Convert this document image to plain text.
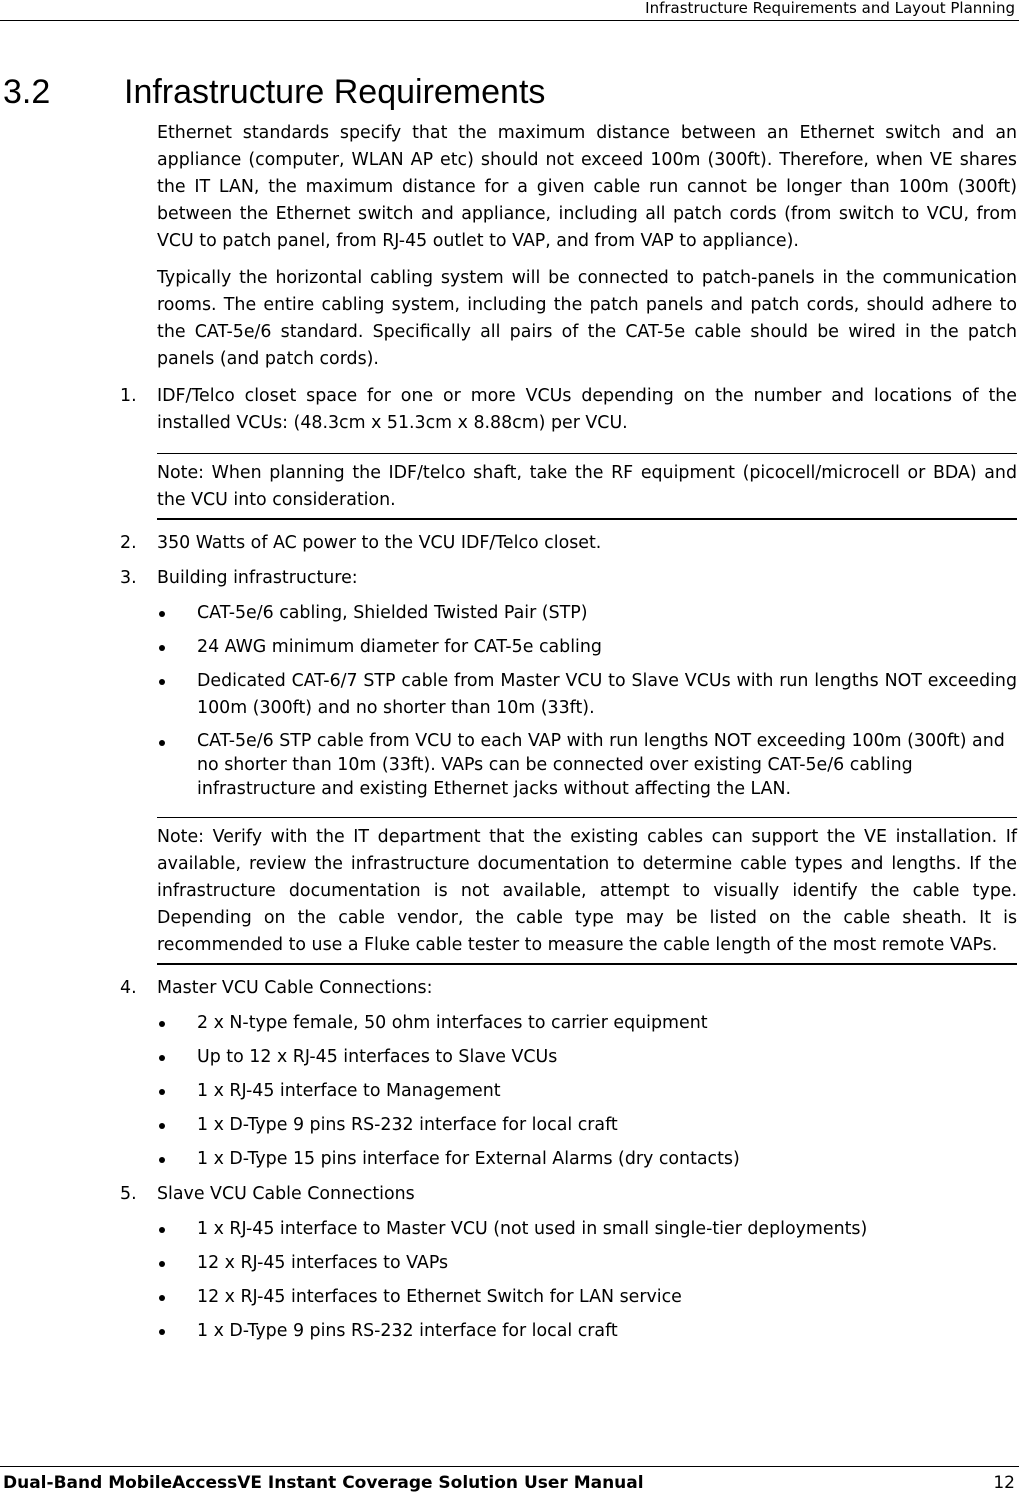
Infrastructure Requirements and Layout Planning
3.2 Infrastructure Requirements

Ethernet standards specify that the maximum distance between an Ethernet switch and an appliance (computer, WLAN AP etc) should not exceed 100m (300ft). Therefore, when VE shares the IT LAN, the maximum distance for a given cable run cannot be longer than 100m (300ft) between the Ethernet switch and appliance, including all patch cords (from switch to VCU, from VCU to patch panel, from RJ-45 outlet to VAP, and from VAP to appliance).

Typically the horizontal cabling system will be connected to patch-panels in the communication rooms. The entire cabling system, including the patch panels and patch cords, should adhere to the CAT-5e/6 standard. Specifically all pairs of the CAT-5e cable should be wired in the patch panels (and patch cords).

1. IDF/Telco closet space for one or more VCUs depending on the number and locations of the installed VCUs: (48.3cm x 51.3cm x 8.88cm) per VCU.
Note: When planning the IDF/telco shaft, take the RF equipment (picocell/microcell or BDA) and the VCU into consideration.
2. 350 Watts of AC power to the VCU IDF/Telco closet.
3. Building infrastructure:
CAT-5e/6 cabling, Shielded Twisted Pair (STP)
24 AWG minimum diameter for CAT-5e cabling
Dedicated CAT-6/7 STP cable from Master VCU to Slave VCUs with run lengths NOT exceeding 100m (300ft) and no shorter than 10m (33ft).
CAT-5e/6 STP cable from VCU to each VAP with run lengths NOT exceeding 100m (300ft) and no shorter than 10m (33ft). VAPs can be connected over existing CAT-5e/6 cabling infrastructure and existing Ethernet jacks without affecting the LAN.
Note: Verify with the IT department that the existing cables can support the VE installation. If available, review the infrastructure documentation to determine cable types and lengths. If the infrastructure documentation is not available, attempt to visually identify the cable type. Depending on the cable vendor, the cable type may be listed on the cable sheath. It is recommended to use a Fluke cable tester to measure the cable length of the most remote VAPs.
4. Master VCU Cable Connections:
2 x N-type female, 50 ohm interfaces to carrier equipment
Up to 12 x RJ-45 interfaces to Slave VCUs
1 x RJ-45 interface to Management
1 x D-Type 9 pins RS-232 interface for local craft
1 x D-Type 15 pins interface for External Alarms (dry contacts)
5. Slave VCU Cable Connections
1 x RJ-45 interface to Master VCU (not used in small single-tier deployments)
12 x RJ-45 interfaces to VAPs
12 x RJ-45 interfaces to Ethernet Switch for LAN service
1 x D-Type 9 pins RS-232 interface for local craft
Dual-Band MobileAccessVE Instant Coverage Solution User Manual	12
